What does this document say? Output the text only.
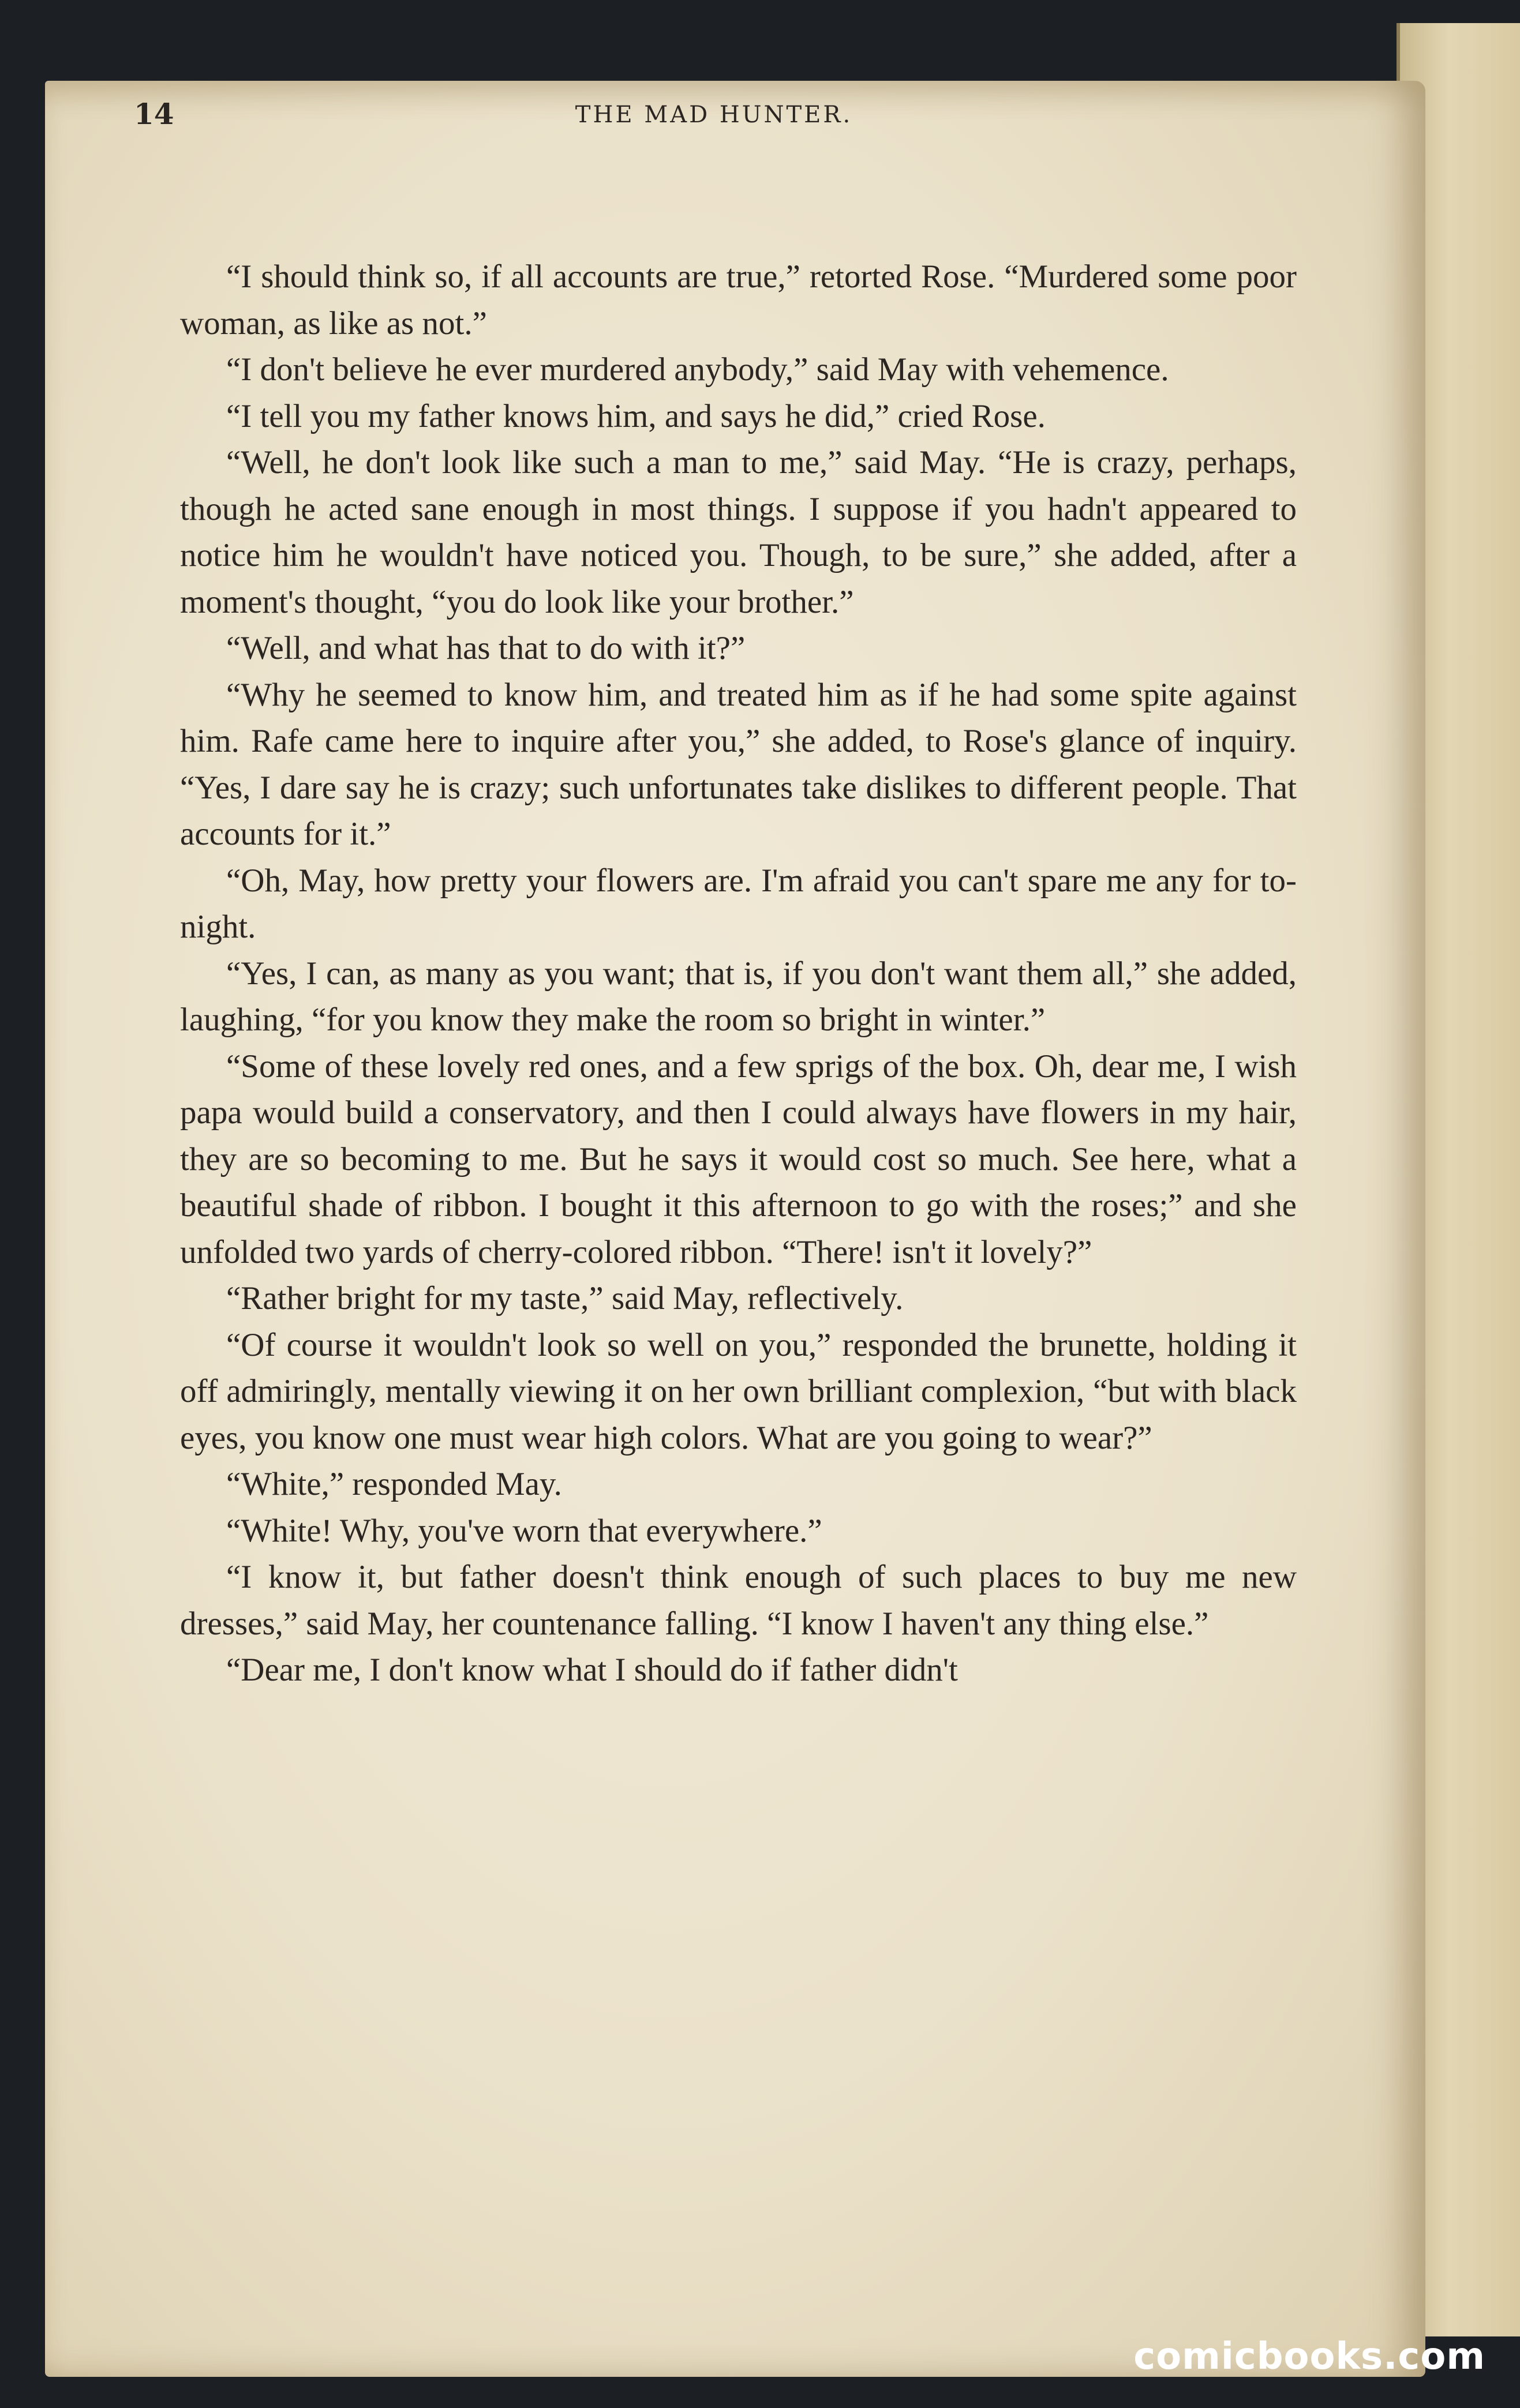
14	THE MAD HUNTER.

“I should think so, if all accounts are true,” retorted Rose. “Murdered some poor woman, as like as not.”

“I don't believe he ever murdered anybody,” said May with vehemence.

“I tell you my father knows him, and says he did,” cried Rose.

“Well, he don't look like such a man to me,” said May. “He is crazy, perhaps, though he acted sane enough in most things. I suppose if you hadn't appeared to notice him he wouldn't have noticed you. Though, to be sure,” she added, after a moment's thought, “you do look like your brother.”

“Well, and what has that to do with it?”

“Why he seemed to know him, and treated him as if he had some spite against him. Rafe came here to inquire after you,” she added, to Rose's glance of inquiry. “Yes, I dare say he is crazy; such unfortunates take dislikes to different people. That accounts for it.”

“Oh, May, how pretty your flowers are. I'm afraid you can't spare me any for to-night.

“Yes, I can, as many as you want; that is, if you don't want them all,” she added, laughing, “for you know they make the room so bright in winter.”

“Some of these lovely red ones, and a few sprigs of the box. Oh, dear me, I wish papa would build a conservatory, and then I could always have flowers in my hair, they are so becoming to me. But he says it would cost so much. See here, what a beautiful shade of ribbon. I bought it this afternoon to go with the roses;” and she unfolded two yards of cherry-colored ribbon. “There! isn't it lovely?”

“Rather bright for my taste,” said May, reflectively.

“Of course it wouldn't look so well on you,” responded the brunette, holding it off admiringly, mentally viewing it on her own brilliant complexion, “but with black eyes, you know one must wear high colors. What are you going to wear?”

“White,” responded May.

“White! Why, you've worn that everywhere.”

“I know it, but father doesn't think enough of such places to buy me new dresses,” said May, her countenance falling. “I know I haven't any thing else.”

“Dear me, I don't know what I should do if father didn't

comicbooks.com
